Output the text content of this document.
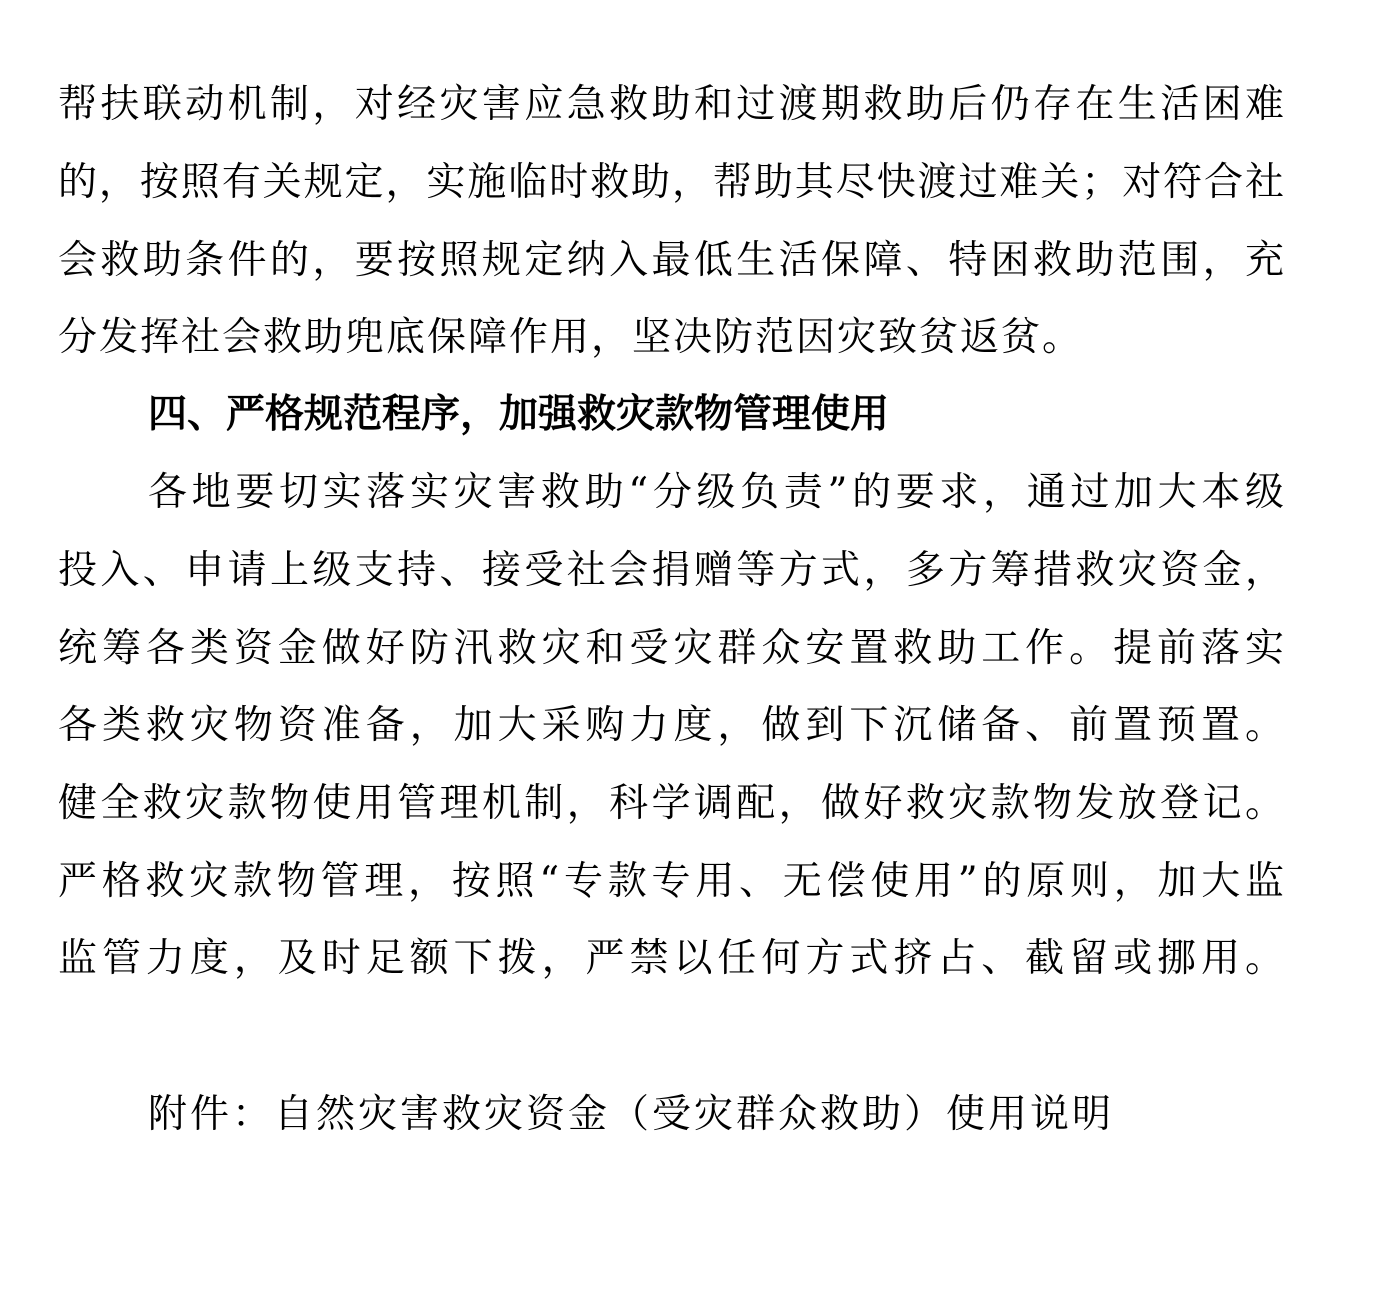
帮扶联动机制，对经灾害应急救助和过渡期救助后仍存在生活困难
的，按照有关规定，实施临时救助，帮助其尽快渡过难关；对符合社
会救助条件的，要按照规定纳入最低生活保障、特困救助范围，充
分发挥社会救助兜底保障作用，坚决防范因灾致贫返贫。
四、严格规范程序，加强救灾款物管理使用
各地要切实落实灾害救助“分级负责”的要求，通过加大本级
投入、申请上级支持、接受社会捐赠等方式，多方筹措救灾资金，
统筹各类资金做好防汛救灾和受灾群众安置救助工作。提前落实
各类救灾物资准备，加大采购力度，做到下沉储备、前置预置。
健全救灾款物使用管理机制，科学调配，做好救灾款物发放登记。
严格救灾款物管理，按照“专款专用、无偿使用”的原则，加大监
监管力度，及时足额下拨，严禁以任何方式挤占、截留或挪用。
附件：自然灾害救灾资金（受灾群众救助）使用说明
